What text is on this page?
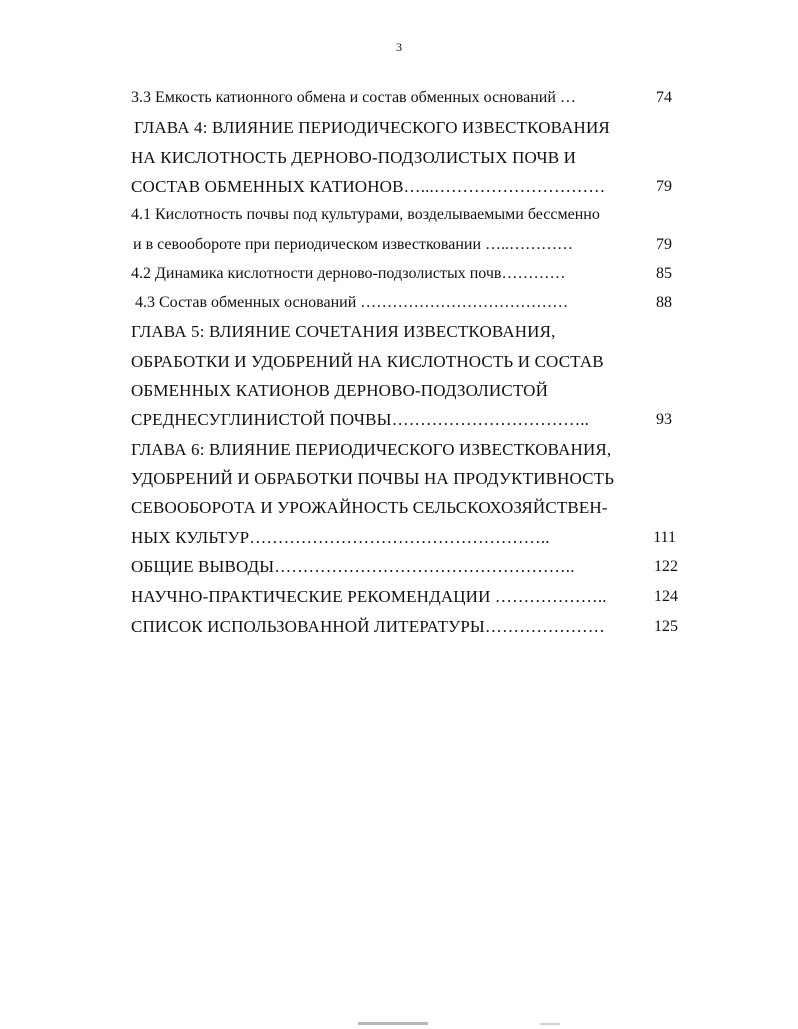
3
3.3 Емкость катионного обмена и состав обменных оснований …	74
ГЛАВА 4: ВЛИЯНИЕ ПЕРИОДИЧЕСКОГО ИЗВЕСТКОВАНИЯ
НА КИСЛОТНОСТЬ ДЕРНОВО-ПОДЗОЛИСТЫХ ПОЧВ И
СОСТАВ ОБМЕННЫХ КАТИОНОВ…...…………………………	79
4.1 Кислотность почвы под культурами, возделываемыми бессменно
и в севообороте при периодическом известковании …..…………	79
4.2 Динамика кислотности дерново-подзолистых почв…………	85
4.3 Состав обменных оснований …………………………………	88
ГЛАВА 5: ВЛИЯНИЕ СОЧЕТАНИЯ ИЗВЕСТКОВАНИЯ,
ОБРАБОТКИ И УДОБРЕНИЙ НА КИСЛОТНОСТЬ И СОСТАВ
ОБМЕННЫХ КАТИОНОВ ДЕРНОВО-ПОДЗОЛИСТОЙ
СРЕДНЕСУГЛИНИСТОЙ ПОЧВЫ……………………………..	93
ГЛАВА 6: ВЛИЯНИЕ ПЕРИОДИЧЕСКОГО ИЗВЕСТКОВАНИЯ,
УДОБРЕНИЙ И ОБРАБОТКИ ПОЧВЫ НА ПРОДУКТИВНОСТЬ
СЕВООБОРОТА И УРОЖАЙНОСТЬ СЕЛЬСКОХОЗЯЙСТВЕН-
НЫХ КУЛЬТУР……………………………………………..	111
ОБЩИЕ ВЫВОДЫ……………………………………………..	122
НАУЧНО-ПРАКТИЧЕСКИЕ РЕКОМЕНДАЦИИ ………………..	124
СПИСОК ИСПОЛЬЗОВАННОЙ ЛИТЕРАТУРЫ…………………	125
